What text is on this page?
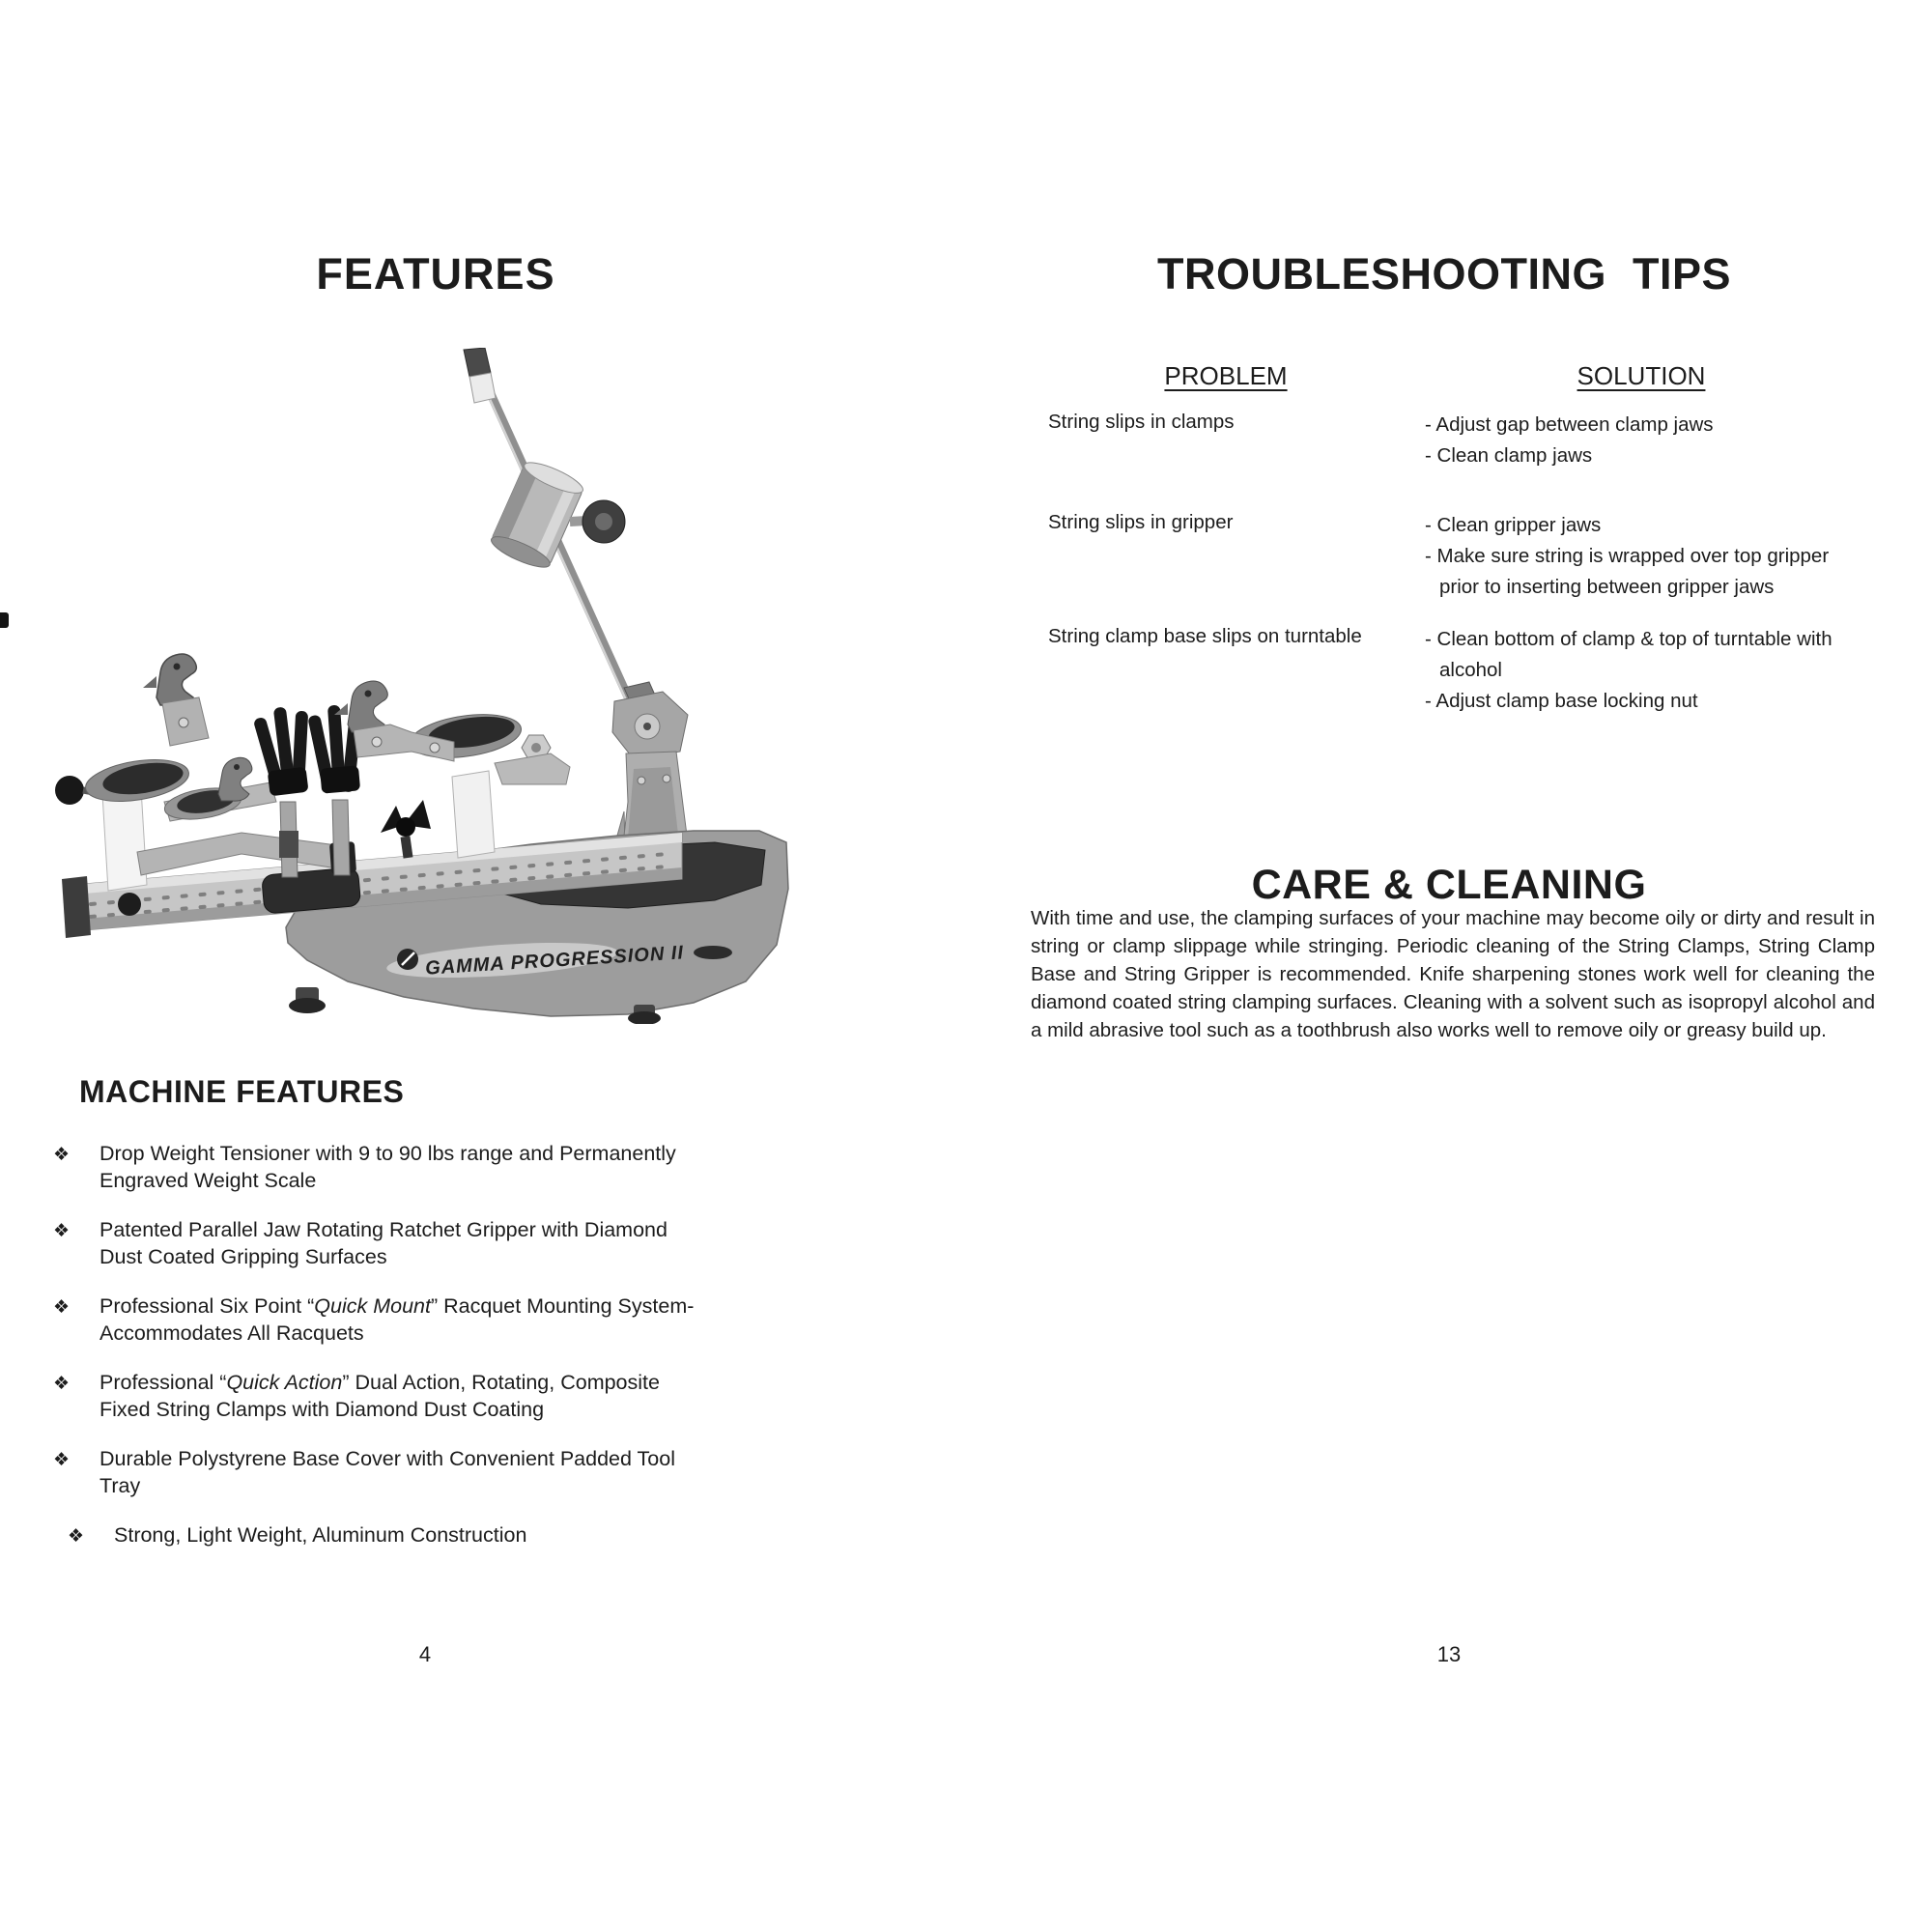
FEATURES
GAMMA PROGRESSION II
MACHINE FEATURES
❖	Drop Weight Tensioner with 9 to 90 lbs range and Permanently
Engraved Weight Scale
❖	Patented Parallel Jaw Rotating Ratchet Gripper with Diamond
Dust Coated Gripping Surfaces
❖	Professional Six Point “Quick Mount” Racquet Mounting System-
Accommodates All Racquets
❖	Professional “Quick Action” Dual Action, Rotating, Composite
Fixed String Clamps with Diamond Dust Coating
❖	Durable Polystyrene Base Cover with Convenient Padded Tool
Tray
❖	Strong, Light Weight, Aluminum Construction
4
TROUBLESHOOTING TIPS
PROBLEM	SOLUTION
String slips in clamps	- Adjust gap between clamp jaws
- Clean clamp jaws
String slips in gripper	- Clean gripper jaws
- Make sure string is wrapped over top gripper
prior to inserting between gripper jaws
String clamp base slips on turntable	- Clean bottom of clamp & top of turntable with
alcohol
- Adjust clamp base locking nut
CARE & CLEANING

With time and use, the clamping surfaces of your machine may become oily or dirty and result in string or clamp slippage while stringing. Periodic cleaning of the String Clamps, String Clamp Base and String Gripper is recommended. Knife sharpening stones work well for cleaning the diamond coated string clamping surfaces. Cleaning with a solvent such as isopropyl alcohol and a mild abrasive tool such as a toothbrush also works well to remove oily or greasy build up.

13
